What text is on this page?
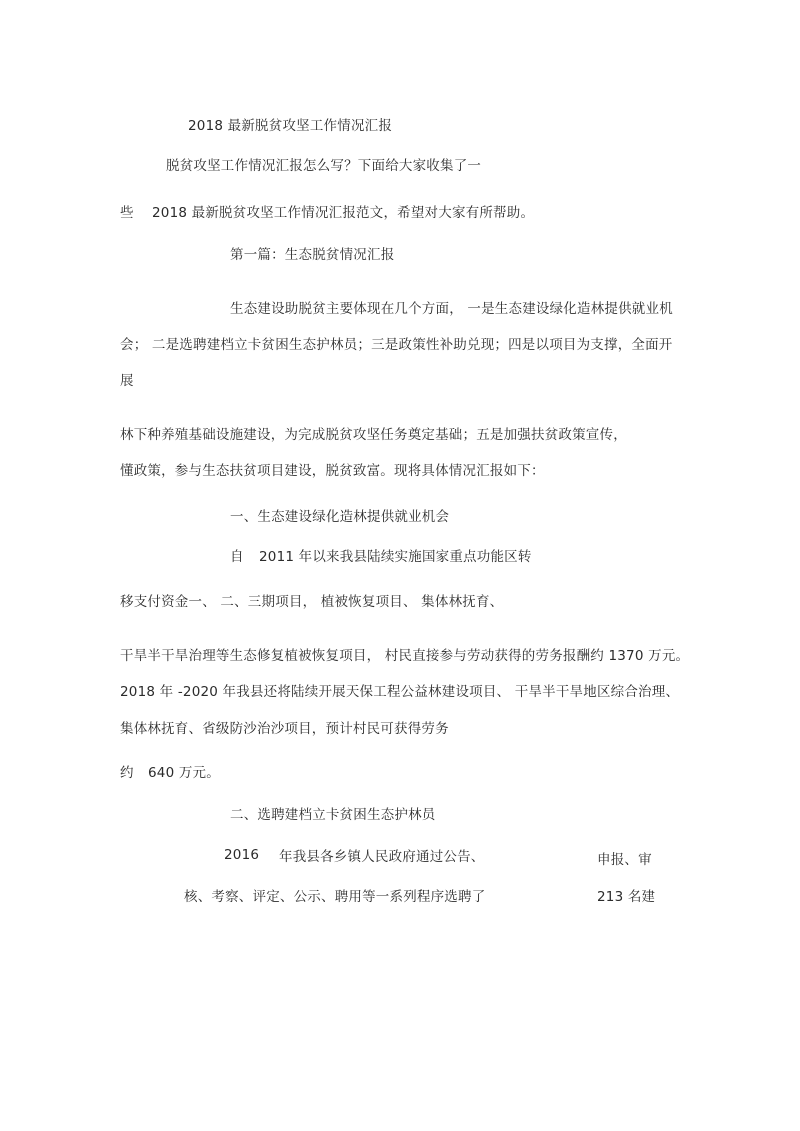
2018 最新脱贫攻坚工作情况汇报
脱贫攻坚工作情况汇报怎么写？下面给大家收集了一
些 2018 最新脱贫攻坚工作情况汇报范文，希望对大家有所帮助。
第一篇：生态脱贫情况汇报
生态建设助脱贫主要体现在几个方面， 一是生态建设绿化造林提供就业机
会； 二是选聘建档立卡贫困生态护林员；三是政策性补助兑现；四是以项目为支撑，全面开
展
林下种养殖基础设施建设，为完成脱贫攻坚任务奠定基础；五是加强扶贫政策宣传，
懂政策，参与生态扶贫项目建设，脱贫致富。现将具体情况汇报如下：
一、生态建设绿化造林提供就业机会
自 2011 年以来我县陆续实施国家重点功能区转
移支付资金一、 二、三期项目， 植被恢复项目、 集体林抚育、
干旱半干旱治理等生态修复植被恢复项目， 村民直接参与劳动获得的劳务报酬约 1370 万元。
2018 年 -2020 年我县还将陆续开展天保工程公益林建设项目、 干旱半干旱地区综合治理、
集体林抚育、省级防沙治沙项目，预计村民可获得劳务
约 640 万元。
二、选聘建档立卡贫困生态护林员
2016 年我县各乡镇人民政府通过公告、	申报、审
核、考察、评定、公示、聘用等一系列程序选聘了	213 名建
